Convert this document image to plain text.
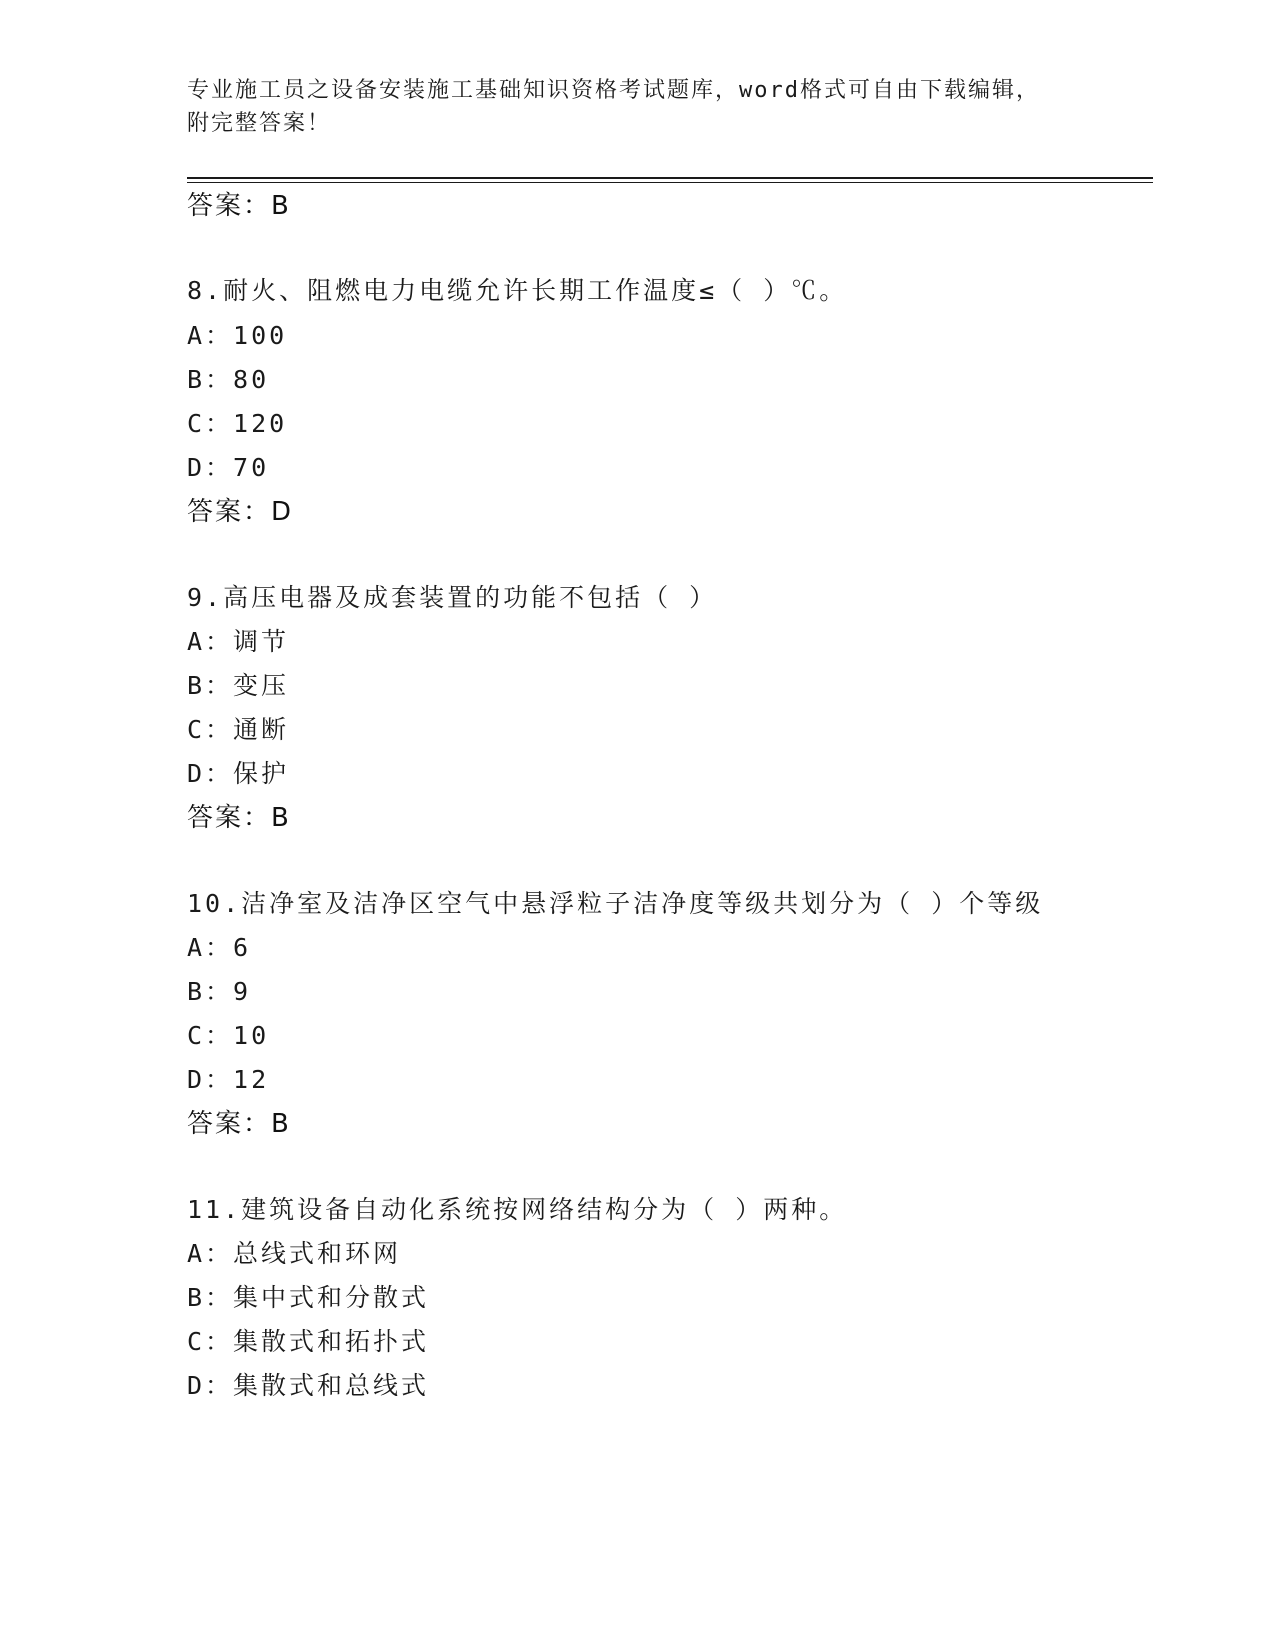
专业施工员之设备安装施工基础知识资格考试题库，word格式可自由下载编辑，
附完整答案！
答案：B
8.耐火、阻燃电力电缆允许长期工作温度≤（ ）℃。
A：100
B：80
C：120
D：70
答案：D
9.高压电器及成套装置的功能不包括（ ）
A：调节
B：变压
C：通断
D：保护
答案：B
10.洁净室及洁净区空气中悬浮粒子洁净度等级共划分为（ ）个等级
A：6
B：9
C：10
D：12
答案：B
11.建筑设备自动化系统按网络结构分为（ ）两种。
A：总线式和环网
B：集中式和分散式
C：集散式和拓扑式
D：集散式和总线式
